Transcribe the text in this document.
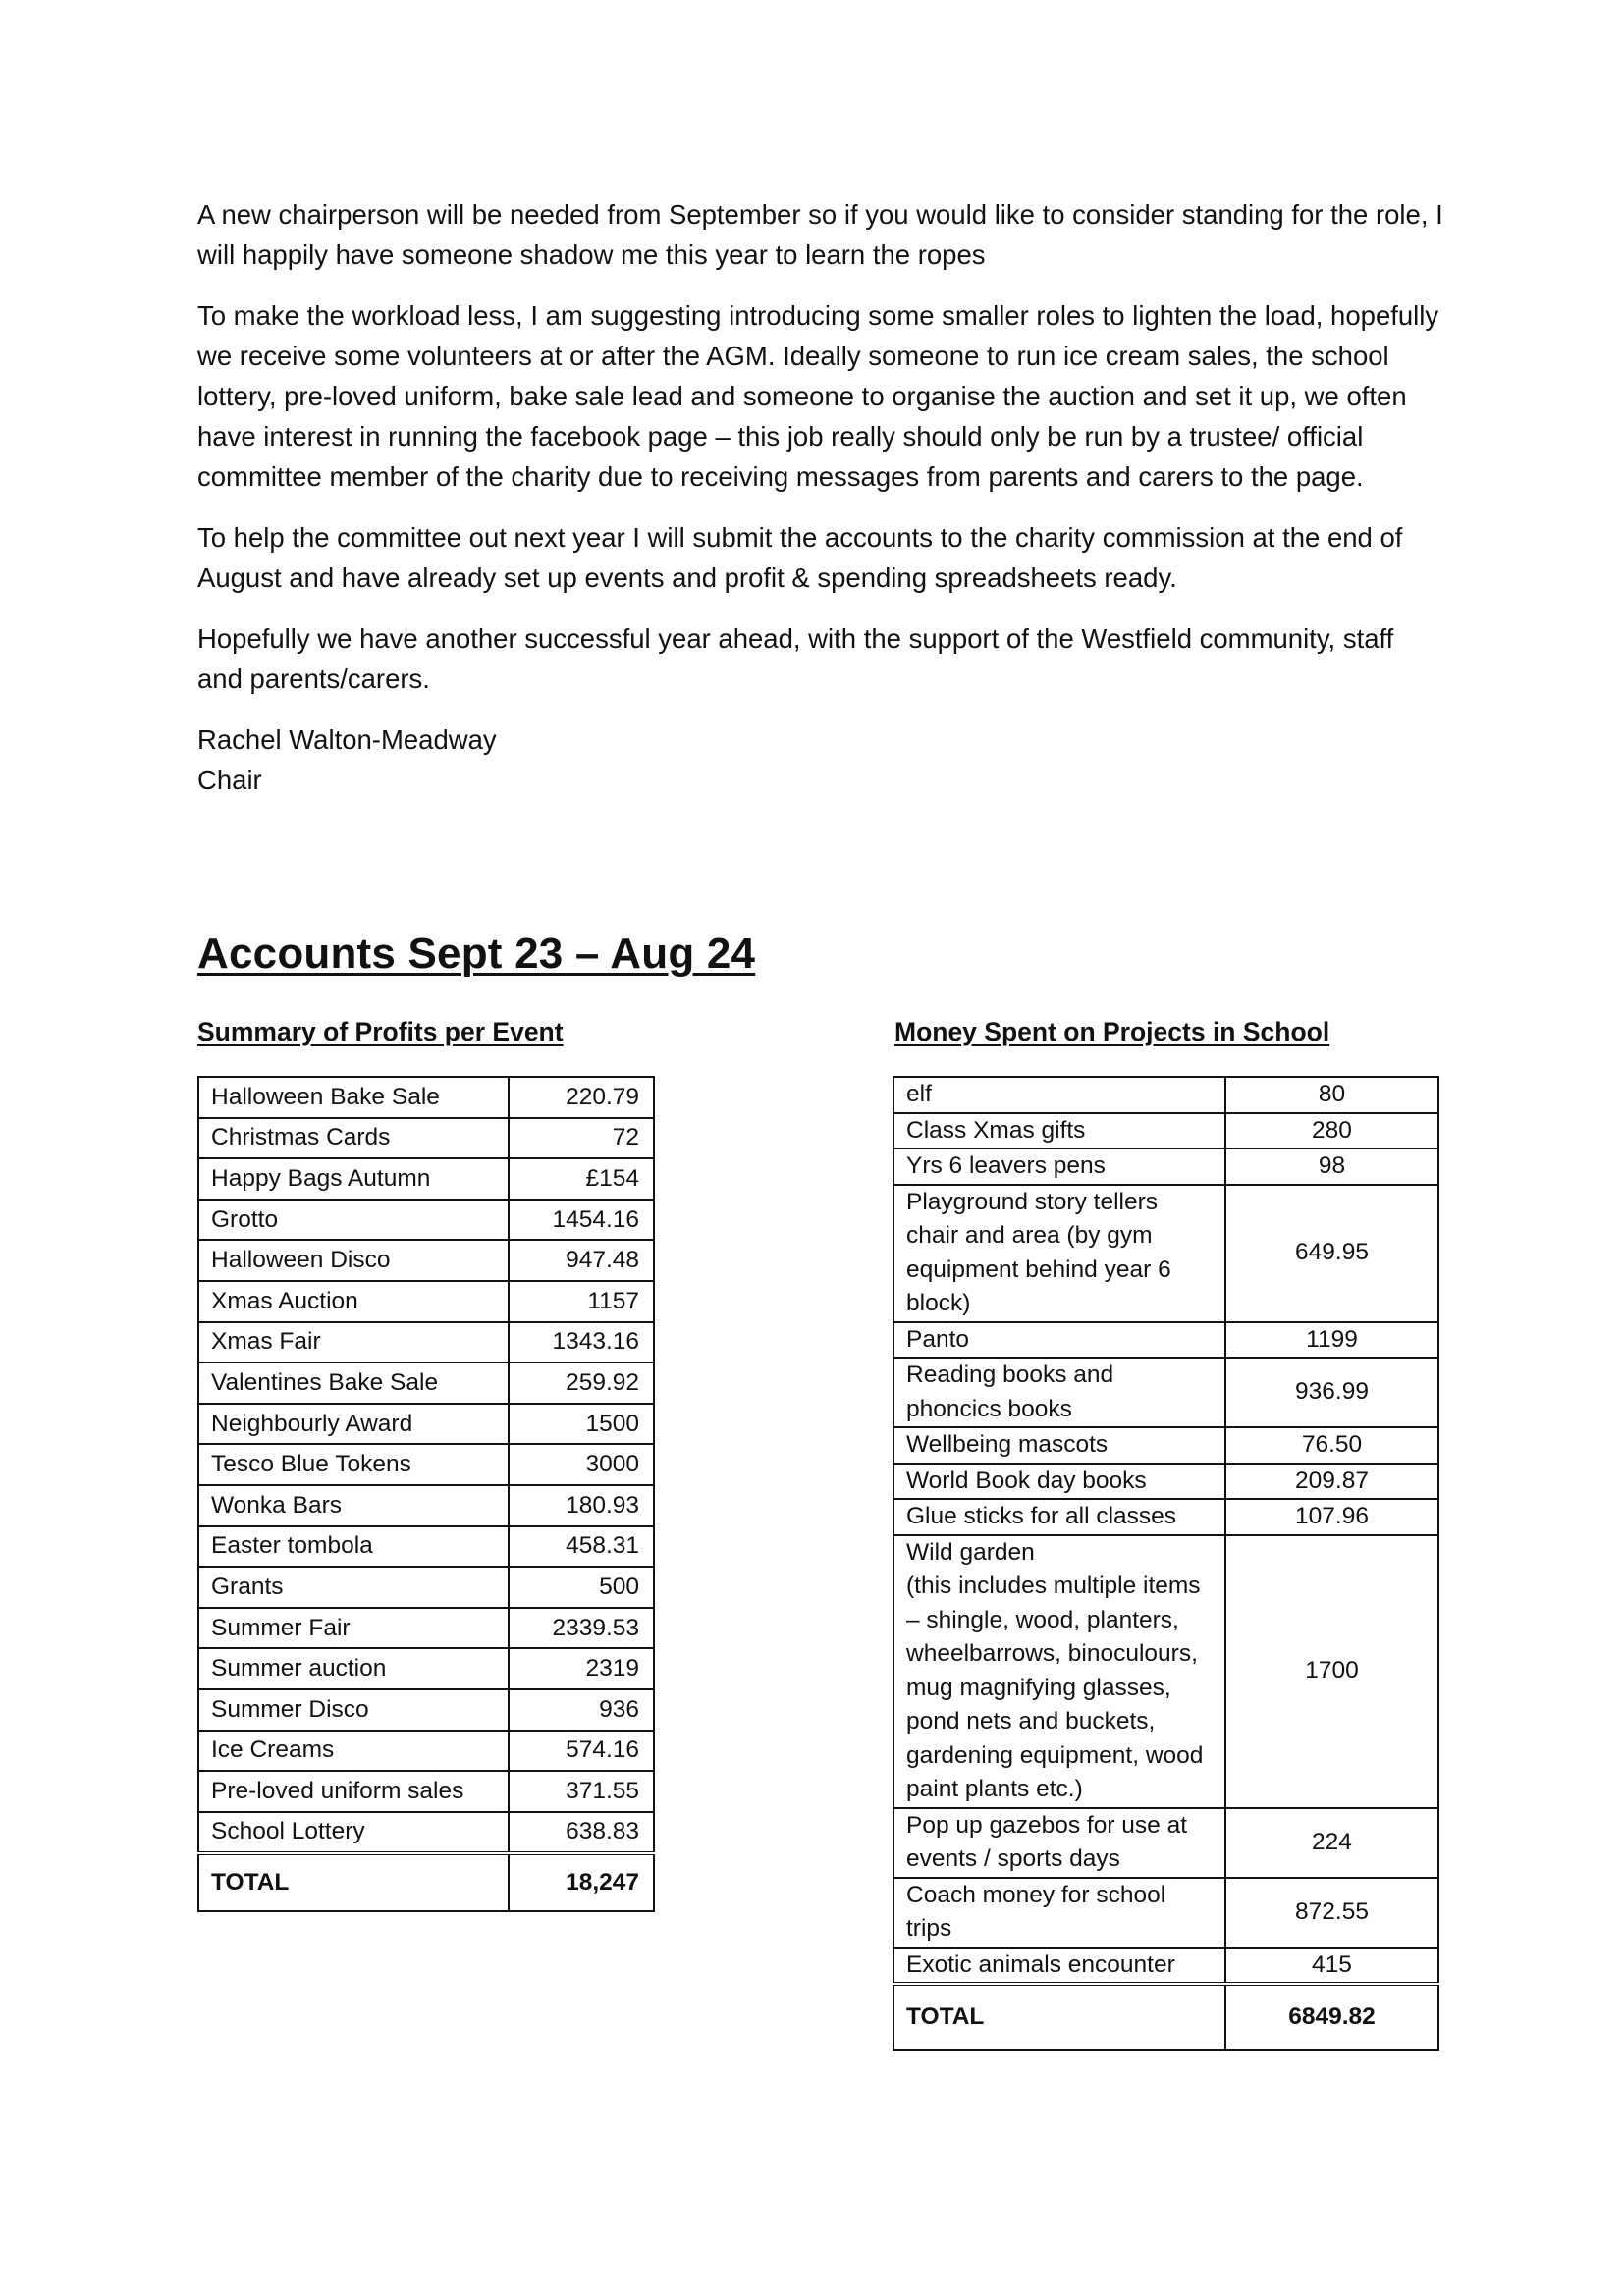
A new chairperson will be needed from September so if you would like to consider standing for the role, I will happily have someone shadow me this year to learn the ropes

To make the workload less, I am suggesting introducing some smaller roles to lighten the load, hopefully we receive some volunteers at or after the AGM. Ideally someone to run ice cream sales, the school lottery, pre-loved uniform, bake sale lead and someone to organise the auction and set it up, we often have interest in running the facebook page – this job really should only be run by a trustee/ official committee member of the charity due to receiving messages from parents and carers to the page.

To help the committee out next year I will submit the accounts to the charity commission at the end of August and have already set up events and profit & spending spreadsheets ready.

Hopefully we have another successful year ahead, with the support of the Westfield community, staff and parents/carers.

Rachel Walton-Meadway

Chair

Accounts Sept 23 – Aug 24
Summary of Profits per Event	Money Spent on Projects in School
Halloween Bake Sale	220.79
Christmas Cards	72
Happy Bags Autumn	£154
Grotto	1454.16
Halloween Disco	947.48
Xmas Auction	1157
Xmas Fair	1343.16
Valentines Bake Sale	259.92
Neighbourly Award	1500
Tesco Blue Tokens	3000
Wonka Bars	180.93
Easter tombola	458.31
Grants	500
Summer Fair	2339.53
Summer auction	2319
Summer Disco	936
Ice Creams	574.16
Pre-loved uniform sales	371.55
School Lottery	638.83
TOTAL	18,247
elf	80
Class Xmas gifts	280
Yrs 6 leavers pens	98
Playground story tellers chair and area (by gym equipment behind year 6 block)	649.95
Panto	1199
Reading books and phoncics books	936.99
Wellbeing mascots	76.50
World Book day books	209.87
Glue sticks for all classes	107.96
Wild garden
(this includes multiple items – shingle, wood, planters, wheelbarrows, binoculours, mug magnifying glasses, pond nets and buckets, gardening equipment, wood paint plants etc.)	1700
Pop up gazebos for use at events / sports days	224
Coach money for school trips	872.55
Exotic animals encounter	415
TOTAL	6849.82
